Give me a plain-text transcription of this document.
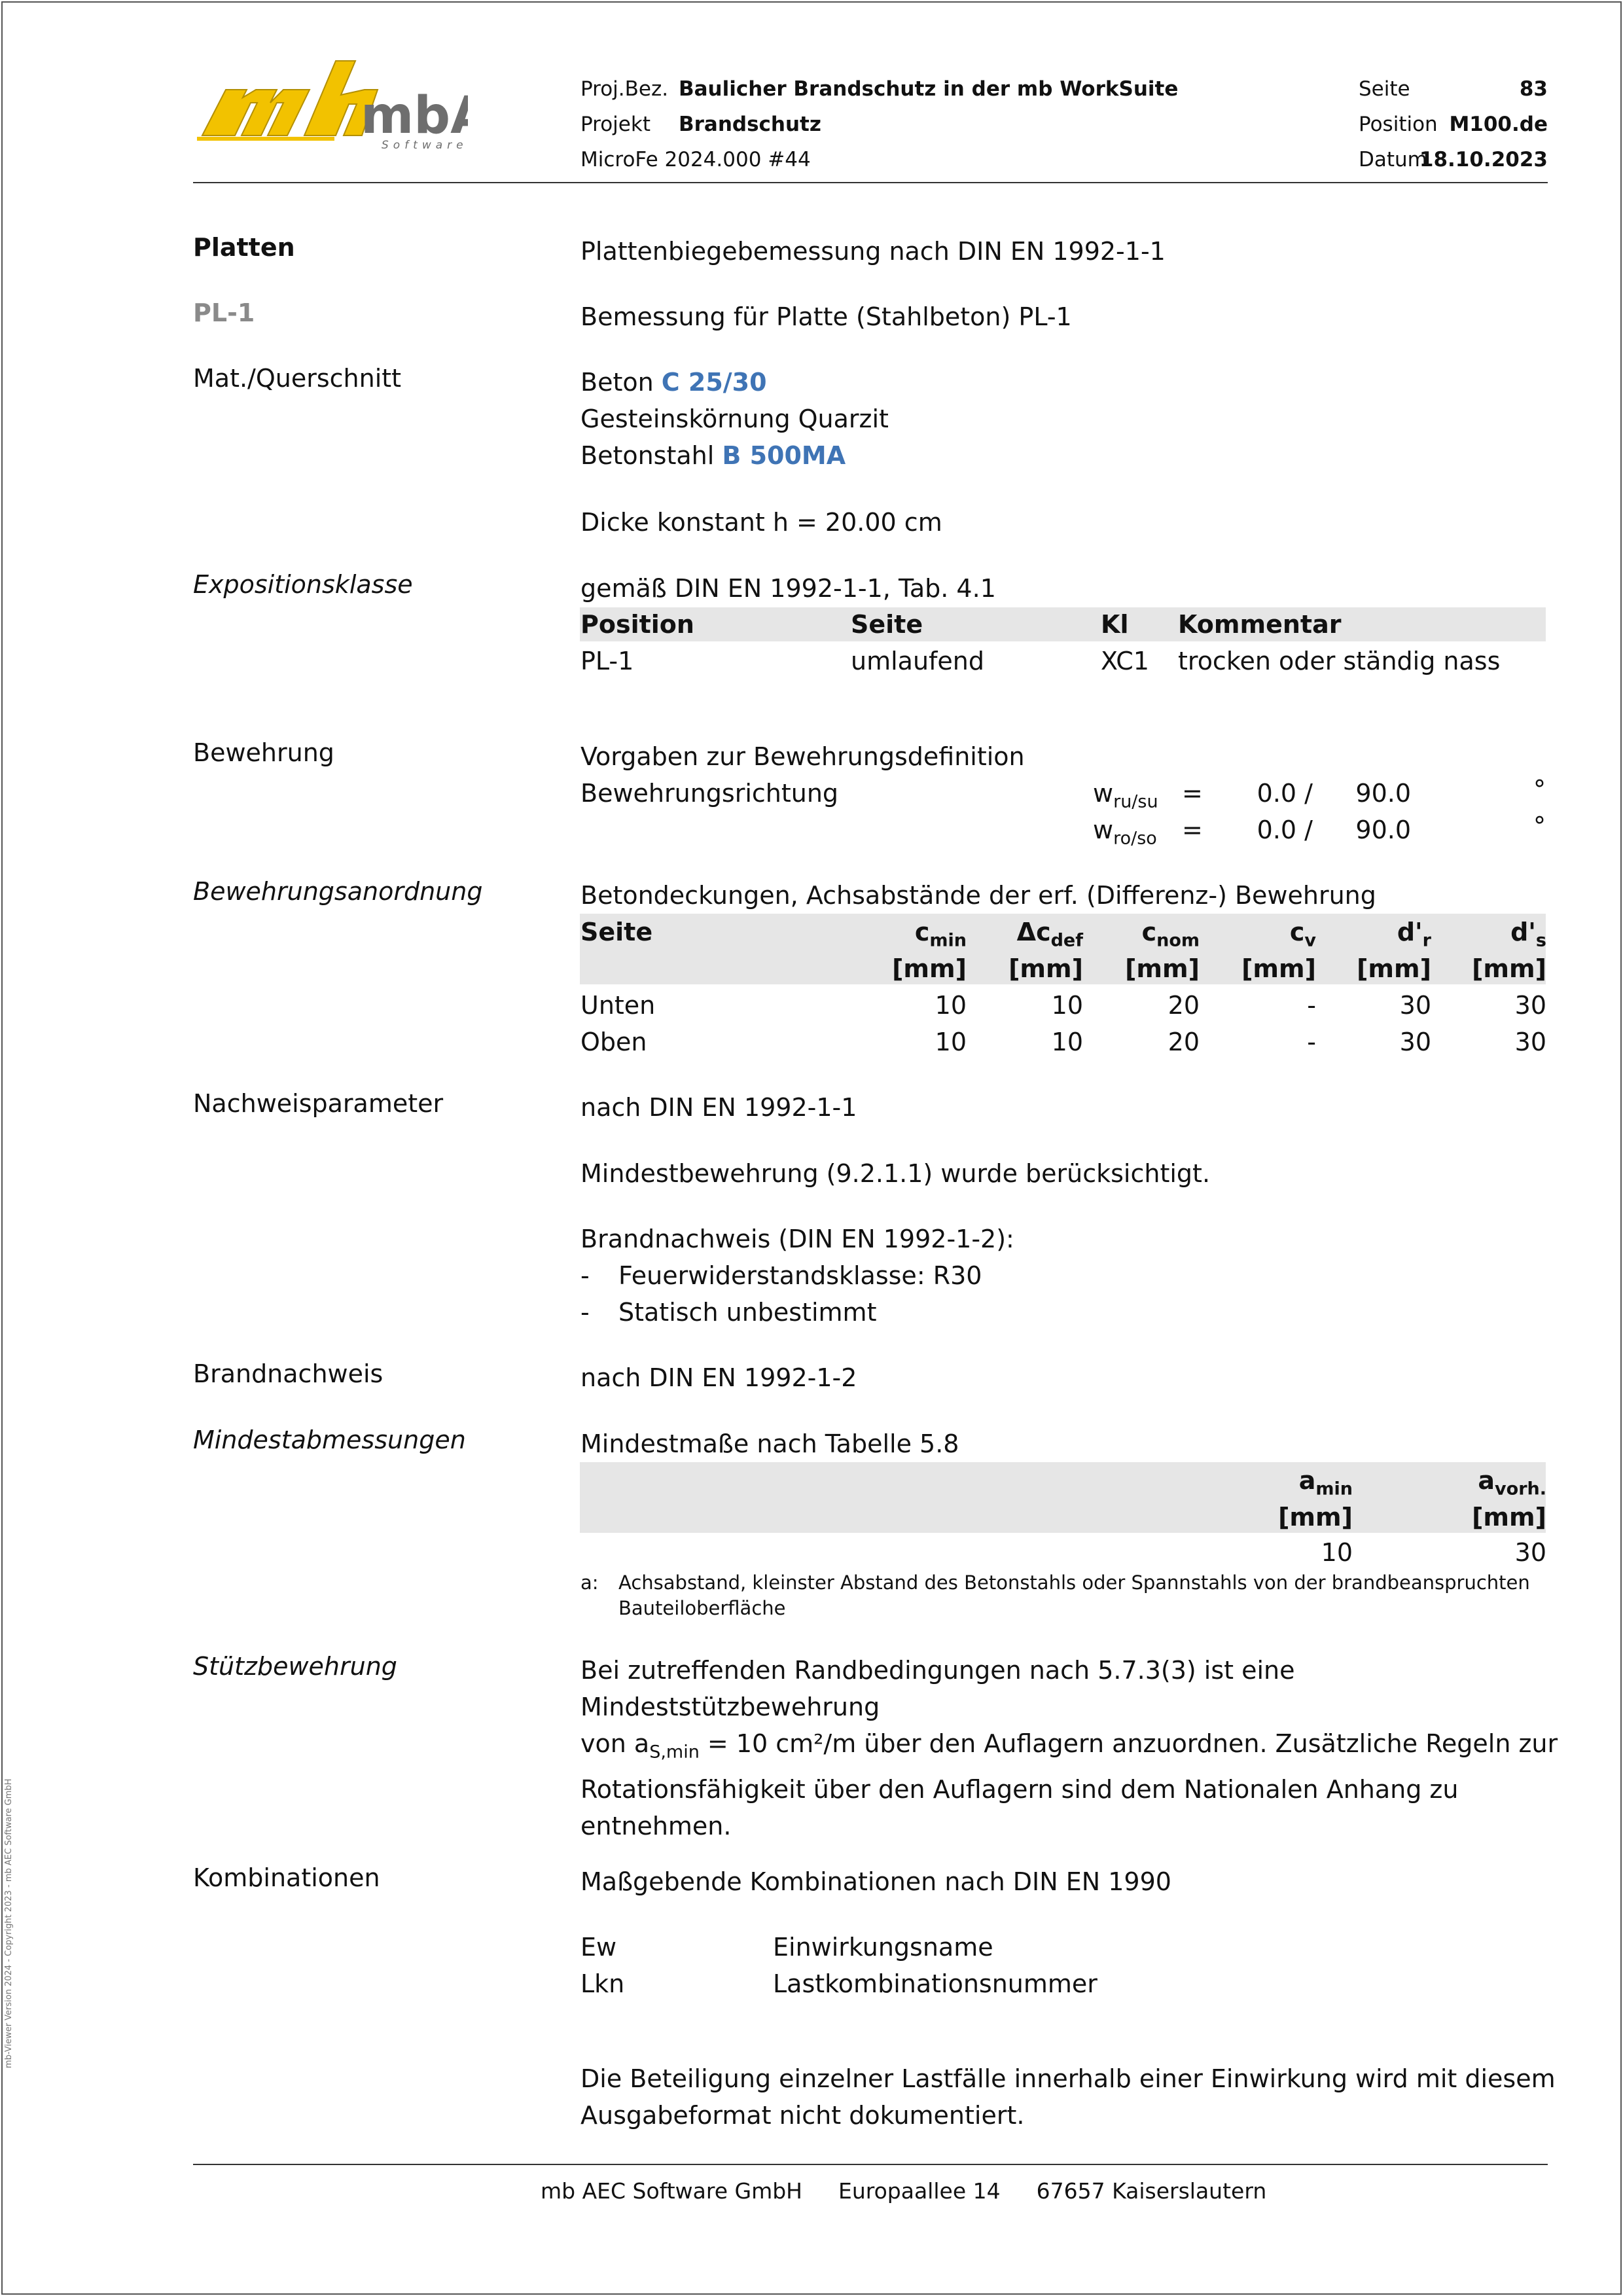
mb-Viewer Version 2024 - Copyright 2023 - mb AEC Software GmbH
mb
Software
Proj.Bez.
Projekt
MicroFe 2024.000 #44
Baulicher Brandschutz in der mb WorkSuite
Brandschutz
Seite
Position
Datum
83
M100.de
18.10.2023
Platten	Plattenbiegebemessung nach DIN EN 1992-1-1
PL-1	Bemessung für Platte (Stahlbeton) PL-1
Mat./Querschnitt	Beton C 25/30
Gesteinskörnung Quarzit
Betonstahl B 500MA
Dicke konstant h = 20.00 cm
Expositionsklasse	gemäß DIN EN 1992-1-1, Tab. 4.1
Position	Seite	Kl Kommentar
PL-1	umlaufend	XC1 trocken oder ständig nass
Bewehrung	Vorgaben zur Bewehrungsdefinition
Bewehrungsrichtung	$w_{ru/su}$ =	0.0 /	90.0	°
$w_{ro/so}$ =	0.0 /	90.0	°
Bewehrungsanordnung	Betondeckungen, Achsabstände der erf. (Differenz-) Bewehrung
Seite	$c_{min}$	$\Delta c_{def}$	$c_{nom}$	$c_v$	$d'_r$	$d'_s$
[mm]	[mm]	[mm]	[mm]	[mm]	[mm]
Unten	10	10	20	-	30	30
Oben	10	10	20	-	30	30
Nachweisparameter	nach DIN EN 1992-1-1
Mindestbewehrung (9.2.1.1) wurde berücksichtigt.
Brandnachweis (DIN EN 1992-1-2):
- Feuerwiderstandsklasse: R30
- Statisch unbestimmt
Brandnachweis	nach DIN EN 1992-1-2
Mindestabmessungen	Mindestmaße nach Tabelle 5.8
$a_{min}$	$a_{vorh.}$
[mm]	[mm]
10	30
a: Achsabstand, kleinster Abstand des Betonstahls oder Spannstahls von der brandbeanspruchten
Bauteiloberfläche
Stützbewehrung	Bei zutreffenden Randbedingungen nach 5.7.3(3) ist eine
Mindeststützbewehrung
von $a_{S,min} = 10$ cm²/m über den Auflagern anzuordnen. Zusätzliche Regeln zur
Rotationsfähigkeit über den Auflagern sind dem Nationalen Anhang zu
entnehmen.
Kombinationen	Maßgebende Kombinationen nach DIN EN 1990
Ew	Einwirkungsname
Lkn	Lastkombinationsnummer
Die Beteiligung einzelner Lastfälle innerhalb einer Einwirkung wird mit diesem
Ausgabeformat nicht dokumentiert.
mb AEC Software GmbH Europaallee 14 67657 Kaiserslautern
